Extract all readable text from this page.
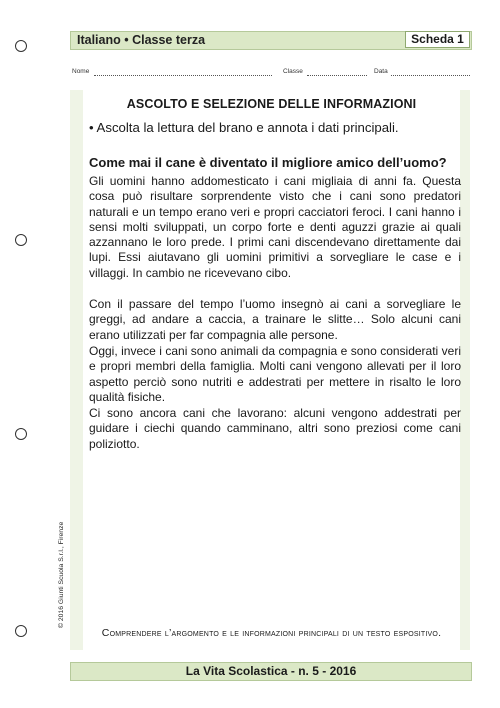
Italiano • Classe terza	Scheda 1
Nome	Classe	Data
ASCOLTO E SELEZIONE DELLE INFORMAZIONI
• Ascolta la lettura del brano e annota i dati principali.
Come mai il cane è diventato il migliore amico dell’uomo?

Gli uomini hanno addomesticato i cani migliaia di anni fa. Questa cosa può risultare sorprendente visto che i cani sono predatori naturali e un tempo erano veri e propri cacciatori feroci. I cani hanno i sensi molti sviluppati, un corpo forte e denti aguzzi grazie ai quali azzannano le loro prede. I primi cani discendevano direttamente dai lupi. Essi aiutavano gli uomini primitivi a sorvegliare le case e i villaggi. In cambio ne ricevevano cibo.

Con il passare del tempo l’uomo insegnò ai cani a sorvegliare le greggi, ad andare a caccia, a trainare le slitte… Solo alcuni cani erano utilizzati per far compagnia alle persone.

Oggi, invece i cani sono animali da compagnia e sono considerati veri e propri membri della famiglia. Molti cani vengono allevati per il loro aspetto perciò sono nutriti e addestrati per mettere in risalto le loro qualità fisiche.

Ci sono ancora cani che lavorano: alcuni vengono addestrati per guidare i ciechi quando camminano, altri sono preziosi come cani poliziotto.

Comprendere l’argomento e le informazioni principali di un testo espositivo.
© 2016 Giunti Scuola S.r.l., Firenze
La Vita Scolastica - n. 5 - 2016
